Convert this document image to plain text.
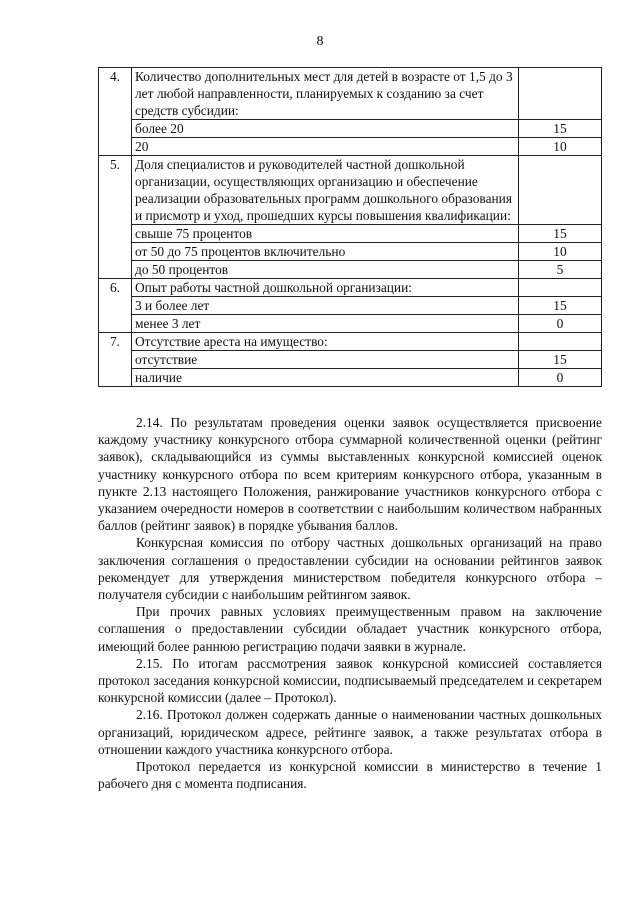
8
4.	Количество дополнительных мест для детей в возрасте от 1,5 до 3 лет любой направленности, планируемых к созданию за счет средств субсидии:	
	более 20	15
	20	10
5.	Доля специалистов и руководителей частной дошкольной организации, осуществляющих организацию и обеспечение реализации образовательных программ дошкольного образования и присмотр и уход, прошедших курсы повышения квалификации:	
	свыше 75 процентов	15
	от 50 до 75 процентов включительно	10
	до 50 процентов	5
6.	Опыт работы частной дошкольной организации:	
	3 и более лет	15
	менее 3 лет	0
7.	Отсутствие ареста на имущество:	
	отсутствие	15
	наличие	0

2.14. По результатам проведения оценки заявок осуществляется присвоение каждому участнику конкурсного отбора суммарной количественной оценки (рейтинг заявок), складывающийся из суммы выставленных конкурсной комиссией оценок участнику конкурсного отбора по всем критериям конкурсного отбора, указанным в пункте 2.13 настоящего Положения, ранжирование участников конкурсного отбора с указанием очередности номеров в соответствии с наибольшим количеством набранных баллов (рейтинг заявок) в порядке убывания баллов.

Конкурсная комиссия по отбору частных дошкольных организаций на право заключения соглашения о предоставлении субсидии на основании рейтингов заявок рекомендует для утверждения министерством победителя конкурсного отбора – получателя субсидии с наибольшим рейтингом заявок.

При прочих равных условиях преимущественным правом на заключение соглашения о предоставлении субсидии обладает участник конкурсного отбора, имеющий более раннюю регистрацию подачи заявки в журнале.

2.15. По итогам рассмотрения заявок конкурсной комиссией составляется протокол заседания конкурсной комиссии, подписываемый председателем и секретарем конкурсной комиссии (далее – Протокол).

2.16. Протокол должен содержать данные о наименовании частных дошкольных организаций, юридическом адресе, рейтинге заявок, а также результатах отбора в отношении каждого участника конкурсного отбора.

Протокол передается из конкурсной комиссии в министерство в течение 1 рабочего дня с момента подписания.
